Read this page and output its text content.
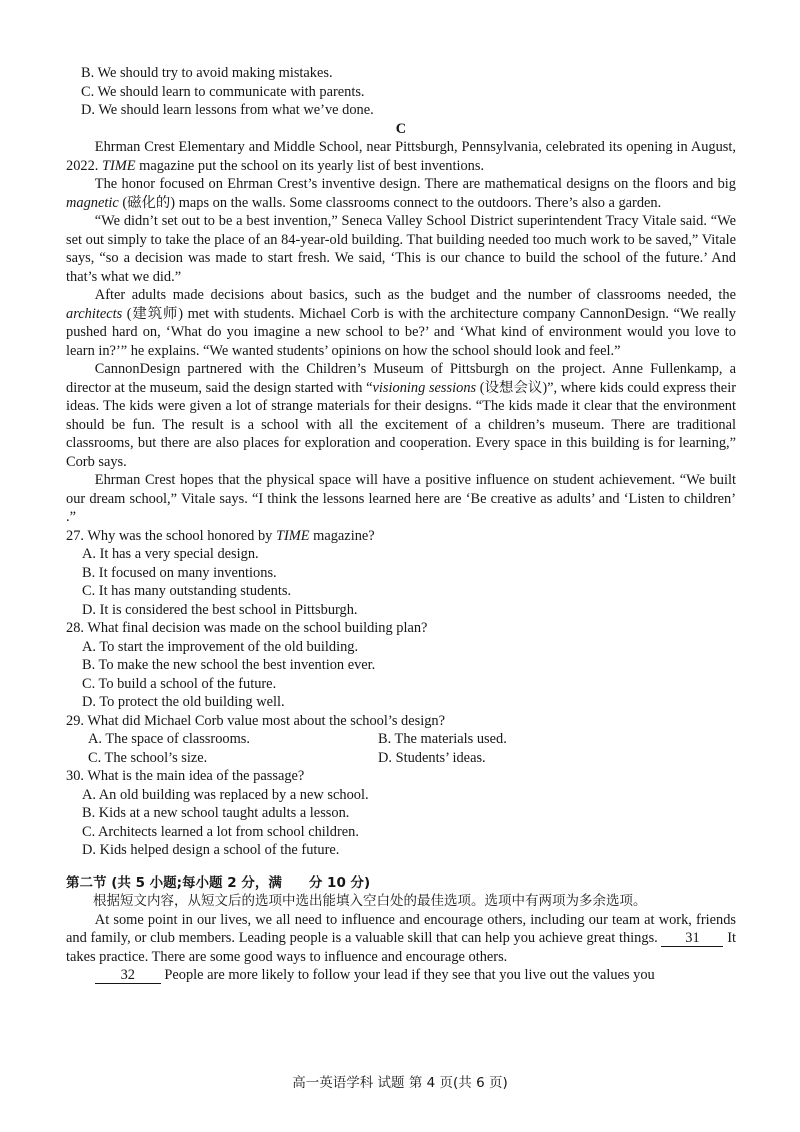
B. We should try to avoid making mistakes.

C. We should learn to communicate with parents.

D. We should learn lessons from what we’ve done.

C

Ehrman Crest Elementary and Middle School, near Pittsburgh, Pennsylvania, celebrated its opening in August, 2022. TIME magazine put the school on its yearly list of best inventions.

The honor focused on Ehrman Crest’s inventive design. There are mathematical designs on the floors and big magnetic (磁化的) maps on the walls. Some classrooms connect to the outdoors. There’s also a garden.

“We didn’t set out to be a best invention,” Seneca Valley School District superintendent Tracy Vitale said. “We set out simply to take the place of an 84-year-old building. That building needed too much work to be saved,” Vitale says, “so a decision was made to start fresh. We said, ‘This is our chance to build the school of the future.’ And that’s what we did.”

After adults made decisions about basics, such as the budget and the number of classrooms needed, the architects (建筑师) met with students. Michael Corb is with the architecture company CannonDesign. “We really pushed hard on, ‘What do you imagine a new school to be?’ and ‘What kind of environment would you love to learn in?’” he explains. “We wanted students’ opinions on how the school should look and feel.”

CannonDesign partnered with the Children’s Museum of Pittsburgh on the project. Anne Fullenkamp, a director at the museum, said the design started with “visioning sessions (设想会议)”, where kids could express their ideas. The kids were given a lot of strange materials for their designs. “The kids made it clear that the environment should be fun. The result is a school with all the excitement of a children’s museum. There are traditional classrooms, but there are also places for exploration and cooperation. Every space in this building is for learning,” Corb says.

Ehrman Crest hopes that the physical space will have a positive influence on student achievement. “We built our dream school,” Vitale says. “I think the lessons learned here are ‘Be creative as adults’ and ‘Listen to children’ .”

27. Why was the school honored by TIME magazine?

A. It has a very special design.

B. It focused on many inventions.

C. It has many outstanding students.

D. It is considered the best school in Pittsburgh.

28. What final decision was made on the school building plan?

A. To start the improvement of the old building.

B. To make the new school the best invention ever.

C. To build a school of the future.

D. To protect the old building well.

29. What did Michael Corb value most about the school’s design?

A. The space of classrooms.	B. The materials used.
C. The school’s size.	D. Students’ ideas.

30. What is the main idea of the passage?

A. An old building was replaced by a new school.

B. Kids at a new school taught adults a lesson.

C. Architects learned a lot from school children.

D. Kids helped design a school of the future.

第二节 (共 5 小题;每小题 2 分，满　　分 10 分)

根据短文内容，从短文后的选项中选出能填入空白处的最佳选项。选项中有两项为多余选项。

At some point in our lives, we all need to influence and encourage others, including our team at work, friends and family, or club members. Leading people is a valuable skill that can help you achieve great things. 31 It takes practice. There are some good ways to influence and encourage others.

32 People are more likely to follow your lead if they see that you live out the values you

高一英语学科 试题 第 4 页(共 6 页)
